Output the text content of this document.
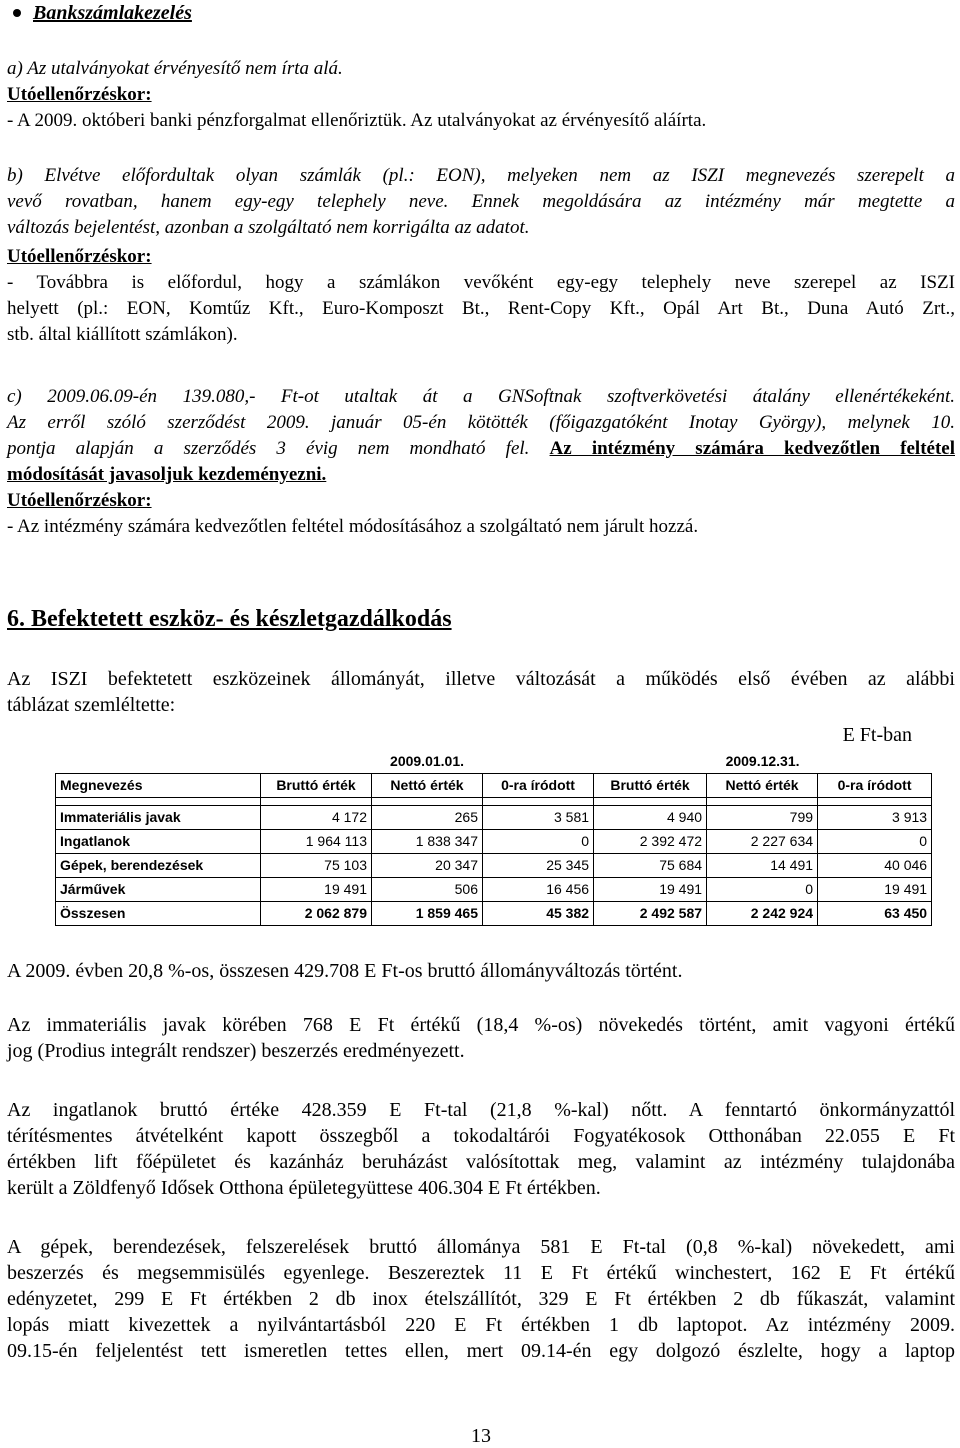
Bankszámlakezelés
a) Az utalványokat érvényesítő nem írta alá.
Utóellenőrzéskor:
- A 2009. októberi banki pénzforgalmat ellenőriztük. Az utalványokat az érvényesítő aláírta.
b) Elvétve előfordultak olyan számlák (pl.: EON), melyeken nem az ISZI megnevezés szerepelt a
vevő rovatban, hanem egy-egy telephely neve. Ennek megoldására az intézmény már megtette a
változás bejelentést, azonban a szolgáltató nem korrigálta az adatot.
Utóellenőrzéskor:
- Továbbra is előfordul, hogy a számlákon vevőként egy-egy telephely neve szerepel az ISZI
helyett (pl.: EON, Komtűz Kft., Euro-Komposzt Bt., Rent-Copy Kft., Opál Art Bt., Duna Autó Zrt.,
stb. által kiállított számlákon).
c) 2009.06.09-én 139.080,- Ft-ot utaltak át a GNSoftnak szoftverkövetési átalány ellenértékeként.
Az erről szóló szerződést 2009. január 05-én kötötték (főigazgatóként Inotay György), melynek 10.
pontja alapján a szerződés 3 évig nem mondható fel. Az intézmény számára kedvezőtlen feltétel
módosítását javasoljuk kezdeményezni.
Utóellenőrzéskor:
- Az intézmény számára kedvezőtlen feltétel módosításához a szolgáltató nem járult hozzá.
6. Befektetett eszköz- és készletgazdálkodás
Az ISZI befektetett eszközeinek állományát, illetve változását a működés első évében az alábbi
táblázat szemléltette:
E Ft-ban
	2009.01.01.			2009.12.31.		
Megnevezés	Bruttó érték	Nettó érték	0-ra íródott	Bruttó érték	Nettó érték	0-ra íródott

Immateriális javak	4 172	265	3 581	4 940	799	3 913
Ingatlanok	1 964 113	1 838 347	0	2 392 472	2 227 634	0
Gépek, berendezések	75 103	20 347	25 345	75 684	14 491	40 046
Járművek	19 491	506	16 456	19 491	0	19 491
Összesen	2 062 879	1 859 465	45 382	2 492 587	2 242 924	63 450
A 2009. évben 20,8 %-os, összesen 429.708 E Ft-os bruttó állományváltozás történt.
Az immateriális javak körében 768 E Ft értékű (18,4 %-os) növekedés történt, amit vagyoni értékű
jog (Prodius integrált rendszer) beszerzés eredményezett.
Az ingatlanok bruttó értéke 428.359 E Ft-tal (21,8 %-kal) nőtt. A fenntartó önkormányzattól
térítésmentes átvételként kapott összegből a tokodaltárói Fogyatékosok Otthonában 22.055 E Ft
értékben lift főépületet és kazánház beruházást valósítottak meg, valamint az intézmény tulajdonába
került a Zöldfenyő Idősek Otthona épületegyüttese 406.304 E Ft értékben.
A gépek, berendezések, felszerelések bruttó állománya 581 E Ft-tal (0,8 %-kal) növekedett, ami
beszerzés és megsemmisülés egyenlege. Beszereztek 11 E Ft értékű winchestert, 162 E Ft értékű
edényzetet, 299 E Ft értékben 2 db inox ételszállítót, 329 E Ft értékben 2 db fűkaszát, valamint
lopás miatt kivezettek a nyilvántartásból 220 E Ft értékben 1 db laptopot. Az intézmény 2009.
09.15-én feljelentést tett ismeretlen tettes ellen, mert 09.14-én egy dolgozó észlelte, hogy a laptop
13
